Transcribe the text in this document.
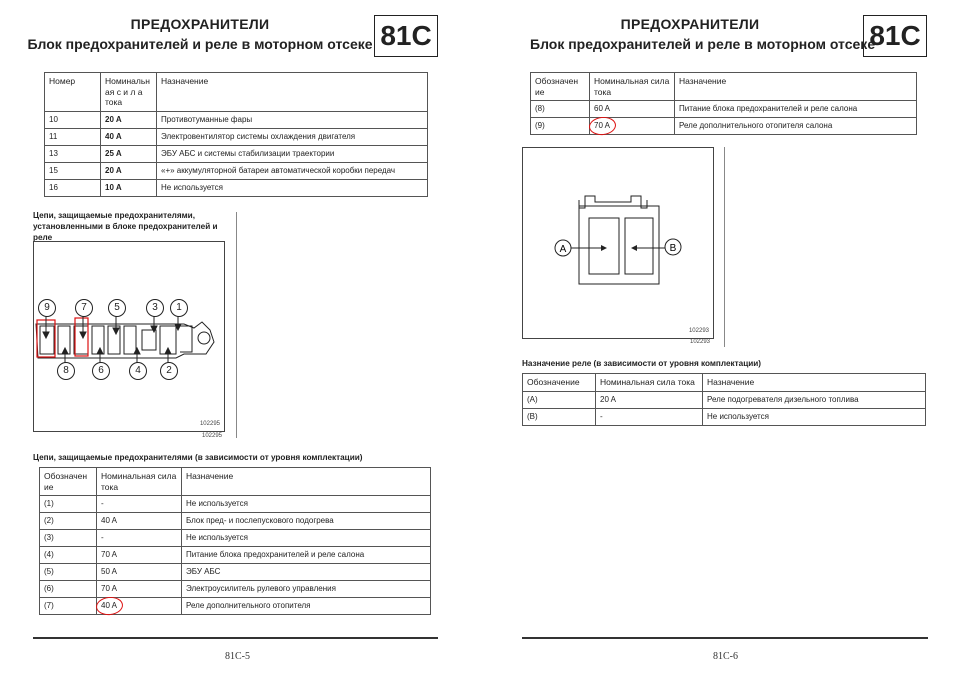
ПРЕДОХРАНИТЕЛИ
Блок предохранителей и реле в моторном отсеке 81C
Номер	Номинальн ая с и л а тока	Назначение
10	20 A	Противотуманные фары
11	40 A	Электровентилятор системы охлаждения двигателя
13	25 A	ЭБУ АБС и системы стабилизации траектории
15	20 A	«+» аккумуляторной батареи автоматической коробки передач
16	10 A	Не используется
Цепи, защищаемые предохранителями, установленными в блоке предохранителей и реле
9	7	5	3	1
8	6	4	2
102295
102295
Цепи, защищаемые предохранителями (в зависимости от уровня комплектации)
Обозначен ие	Номинальная сила тока	Назначение
(1)	-	Не используется
(2)	40 A	Блок пред- и послепускового подогрева
(3)	-	Не используется
(4)	70 A	Питание блока предохранителей и реле салона
(5)	50 A	ЭБУ АБС
(6)	70 A	Электроусилитель рулевого управления
(7)	40 A	Реле дополнительного отопителя
81C-5
ПРЕДОХРАНИТЕЛИ
Блок предохранителей и реле в моторном отсеке
81C
Обозначен ие	Номинальная сила тока	Назначение
(8)	60 A	Питание блока предохранителей и реле салона
(9)	70 A	Реле дополнительного отопителя салона
A	B
102293
102293
Назначение реле (в зависимости от уровня комплектации)
Обозначение	Номинальная сила тока	Назначение
(A)	20 A	Реле подогревателя дизельного топлива
(B)	-	Не используется
81C-6
